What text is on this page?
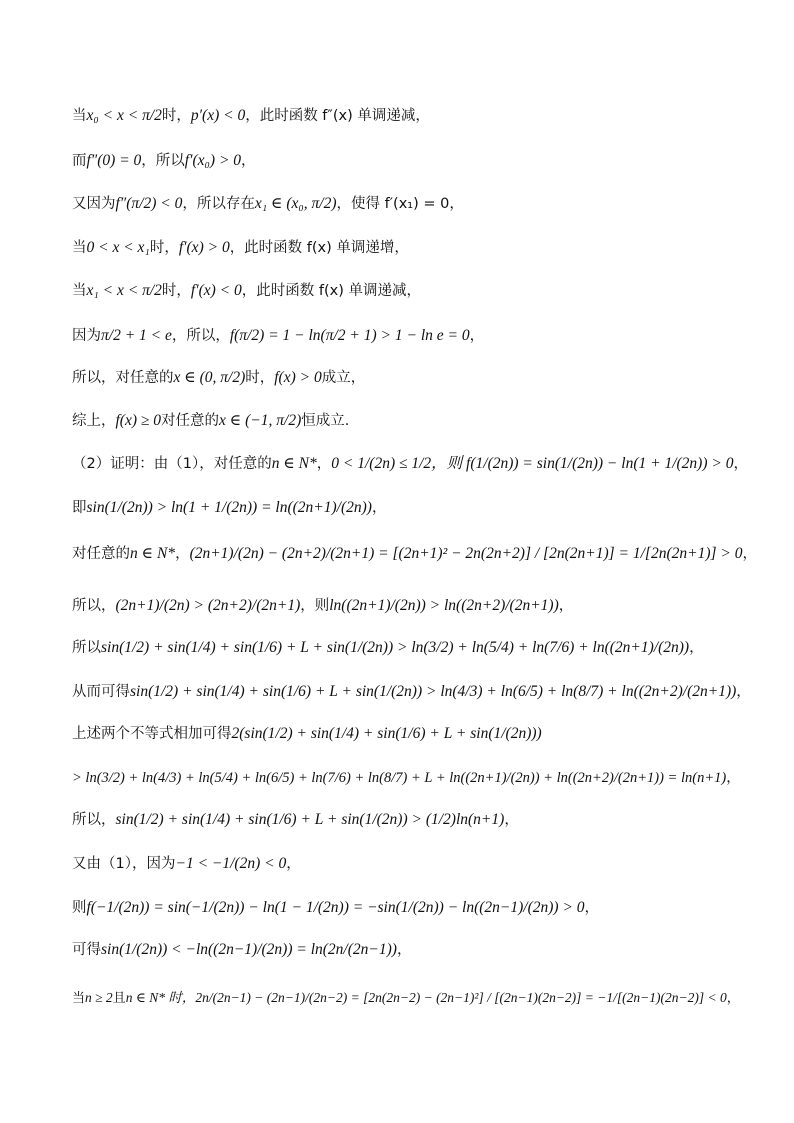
当x₀ < x < π/2时，p′(x) < 0，此时函数 f″(x) 单调递减，
而f″(0) = 0，所以f′(x₀) > 0，
又因为f″(π/2) < 0，所以存在x₁ ∈ (x₀, π/2)，使得 f′(x₁) = 0，
当0 < x < x₁时，f′(x) > 0，此时函数 f(x) 单调递增，
当x₁ < x < π/2时，f′(x) < 0，此时函数 f(x) 单调递减，
因为π/2 + 1 < e，所以，f(π/2) = 1 − ln(π/2 + 1) > 1 − ln e = 0，
所以，对任意的x ∈ (0, π/2)时，f(x) > 0成立，
综上，f(x) ≥ 0对任意的x ∈ (−1, π/2)恒成立.
（2）证明：由（1），对任意的n ∈ N*，0 < 1/(2n) ≤ 1/2，则 f(1/(2n)) = sin(1/(2n)) − ln(1 + 1/(2n)) > 0，
即sin(1/(2n)) > ln(1 + 1/(2n)) = ln((2n+1)/(2n))，
对任意的n ∈ N*，(2n+1)/(2n) − (2n+2)/(2n+1) = [(2n+1)² − 2n(2n+2)] / [2n(2n+1)] = 1/[2n(2n+1)] > 0，
所以，(2n+1)/(2n) > (2n+2)/(2n+1)，则ln((2n+1)/(2n)) > ln((2n+2)/(2n+1))，
所以sin(1/2) + sin(1/4) + sin(1/6) + L + sin(1/(2n)) > ln(3/2) + ln(5/4) + ln(7/6) + ln((2n+1)/(2n))，
从而可得sin(1/2) + sin(1/4) + sin(1/6) + L + sin(1/(2n)) > ln(4/3) + ln(6/5) + ln(8/7) + ln((2n+2)/(2n+1))，
上述两个不等式相加可得2(sin(1/2) + sin(1/4) + sin(1/6) + L + sin(1/(2n)))
> ln(3/2) + ln(4/3) + ln(5/4) + ln(6/5) + ln(7/6) + ln(8/7) + L + ln((2n+1)/(2n)) + ln((2n+2)/(2n+1)) = ln(n+1)，
所以，sin(1/2) + sin(1/4) + sin(1/6) + L + sin(1/(2n)) > (1/2)ln(n+1)，
又由（1），因为−1 < −1/(2n) < 0，
则f(−1/(2n)) = sin(−1/(2n)) − ln(1 − 1/(2n)) = −sin(1/(2n)) − ln((2n−1)/(2n)) > 0，
可得sin(1/(2n)) < −ln((2n−1)/(2n)) = ln(2n/(2n−1))，
当n ≥ 2且n ∈ N* 时，2n/(2n−1) − (2n−1)/(2n−2) = [2n(2n−2) − (2n−1)²] / [(2n−1)(2n−2)] = −1/[(2n−1)(2n−2)] < 0，
